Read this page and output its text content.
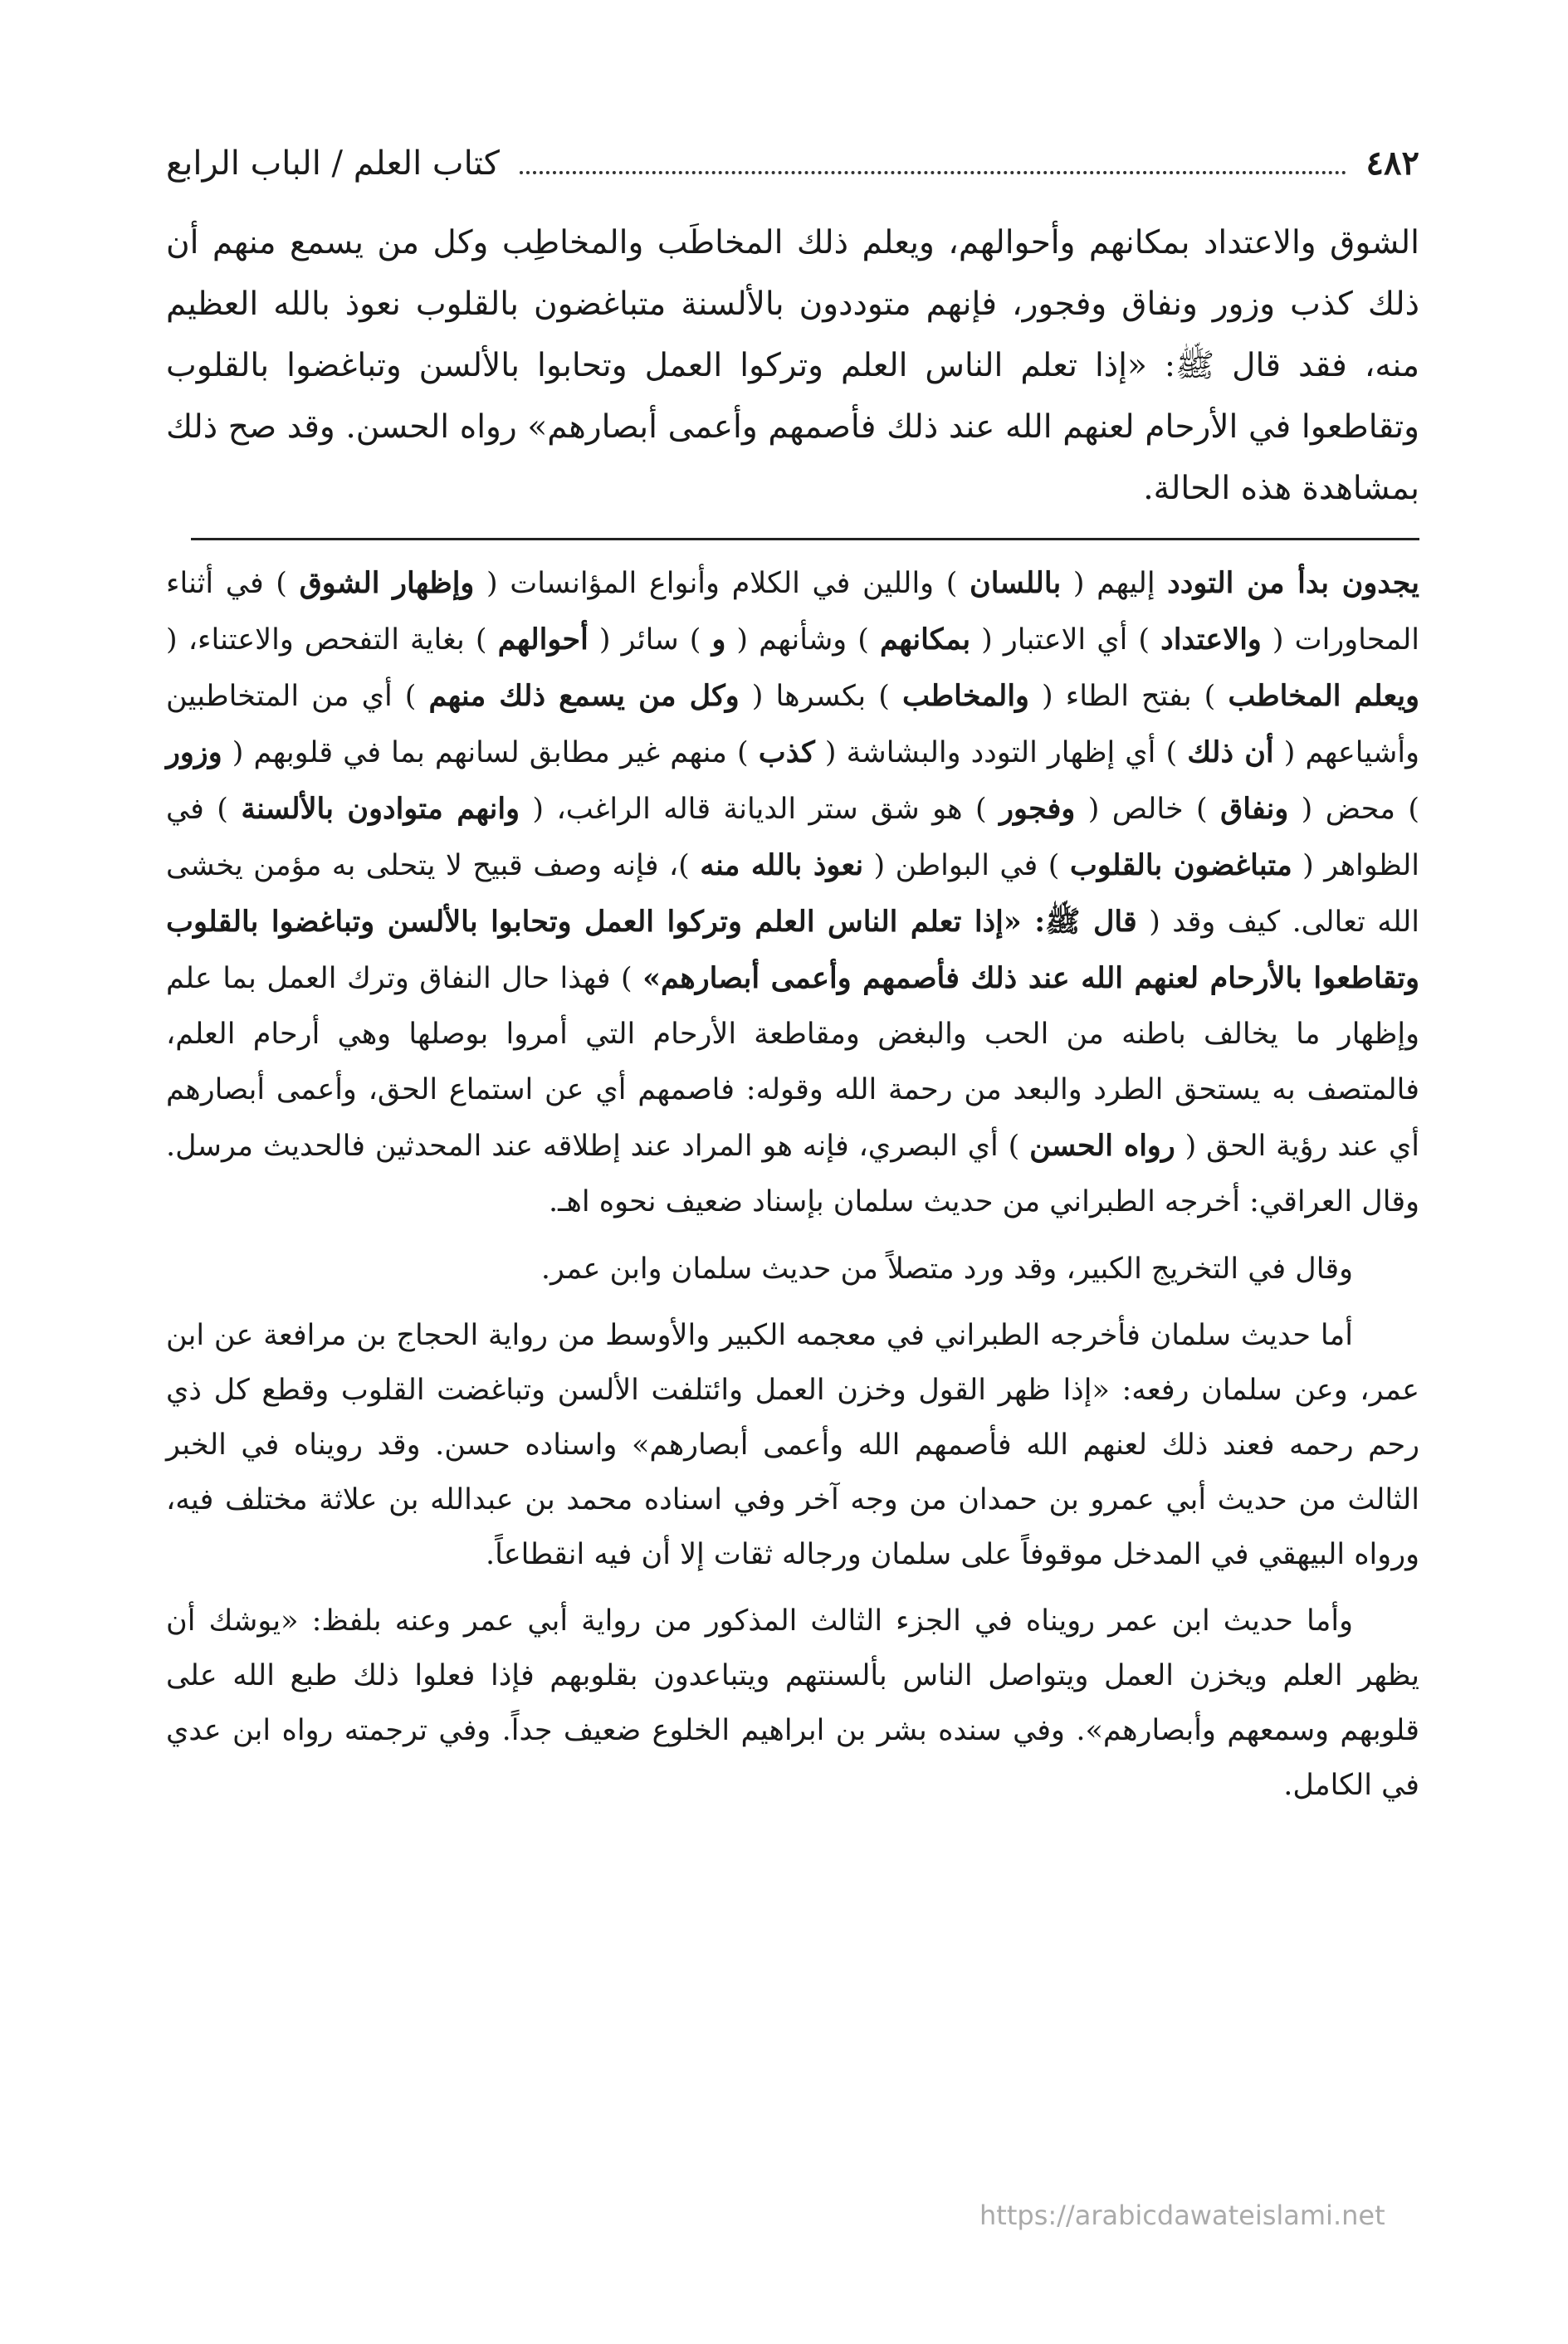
٤٨٢
كتاب العلم / الباب الرابع

الشوق والاعتداد بمكانهم وأحوالهم، ويعلم ذلك المخاطَب والمخاطِب وكل من يسمع منهم أن ذلك كذب وزور ونفاق وفجور، فإنهم متوددون بالألسنة متباغضون بالقلوب نعوذ بالله العظيم منه، فقد قال ﷺ: «إذا تعلم الناس العلم وتركوا العمل وتحابوا بالألسن وتباغضوا بالقلوب وتقاطعوا في الأرحام لعنهم الله عند ذلك فأصمهم وأعمى أبصارهم» رواه الحسن. وقد صح ذلك بمشاهدة هذه الحالة.

يجدون بدأ من التودد إليهم ( باللسان ) واللين في الكلام وأنواع المؤانسات ( وإظهار الشوق ) في أثناء المحاورات ( والاعتداد ) أي الاعتبار ( بمكانهم ) وشأنهم ( و ) سائر ( أحوالهم ) بغاية التفحص والاعتناء، ( ويعلم المخاطب ) بفتح الطاء ( والمخاطب ) بكسرها ( وكل من يسمع ذلك منهم ) أي من المتخاطبين وأشياعهم ( أن ذلك ) أي إظهار التودد والبشاشة ( كذب ) منهم غير مطابق لسانهم بما في قلوبهم ( وزور ) محض ( ونفاق ) خالص ( وفجور ) هو شق ستر الديانة قاله الراغب، ( وانهم متوادون بالألسنة ) في الظواهر ( متباغضون بالقلوب ) في البواطن ( نعوذ بالله منه )، فإنه وصف قبيح لا يتحلى به مؤمن يخشى الله تعالى. كيف وقد ( قال ﷺ: «إذا تعلم الناس العلم وتركوا العمل وتحابوا بالألسن وتباغضوا بالقلوب وتقاطعوا بالأرحام لعنهم الله عند ذلك فأصمهم وأعمى أبصارهم» ) فهذا حال النفاق وترك العمل بما علم وإظهار ما يخالف باطنه من الحب والبغض ومقاطعة الأرحام التي أمروا بوصلها وهي أرحام العلم، فالمتصف به يستحق الطرد والبعد من رحمة الله وقوله: فاصمهم أي عن استماع الحق، وأعمى أبصارهم أي عند رؤية الحق ( رواه الحسن ) أي البصري، فإنه هو المراد عند إطلاقه عند المحدثين فالحديث مرسل. وقال العراقي: أخرجه الطبراني من حديث سلمان بإسناد ضعيف نحوه اهـ.

وقال في التخريج الكبير، وقد ورد متصلاً من حديث سلمان وابن عمر.

أما حديث سلمان فأخرجه الطبراني في معجمه الكبير والأوسط من رواية الحجاج بن مرافعة عن ابن عمر، وعن سلمان رفعه: «إذا ظهر القول وخزن العمل وائتلفت الألسن وتباغضت القلوب وقطع كل ذي رحم رحمه فعند ذلك لعنهم الله فأصمهم الله وأعمى أبصارهم» واسناده حسن. وقد رويناه في الخبر الثالث من حديث أبي عمرو بن حمدان من وجه آخر وفي اسناده محمد بن عبدالله بن علاثة مختلف فيه، ورواه البيهقي في المدخل موقوفاً على سلمان ورجاله ثقات إلا أن فيه انقطاعاً.

وأما حديث ابن عمر رويناه في الجزء الثالث المذكور من رواية أبي عمر وعنه بلفظ: «يوشك أن يظهر العلم ويخزن العمل ويتواصل الناس بألسنتهم ويتباعدون بقلوبهم فإذا فعلوا ذلك طبع الله على قلوبهم وسمعهم وأبصارهم». وفي سنده بشر بن ابراهيم الخلوع ضعيف جداً. وفي ترجمته رواه ابن عدي في الكامل.

https://arabicdawateislami.net
